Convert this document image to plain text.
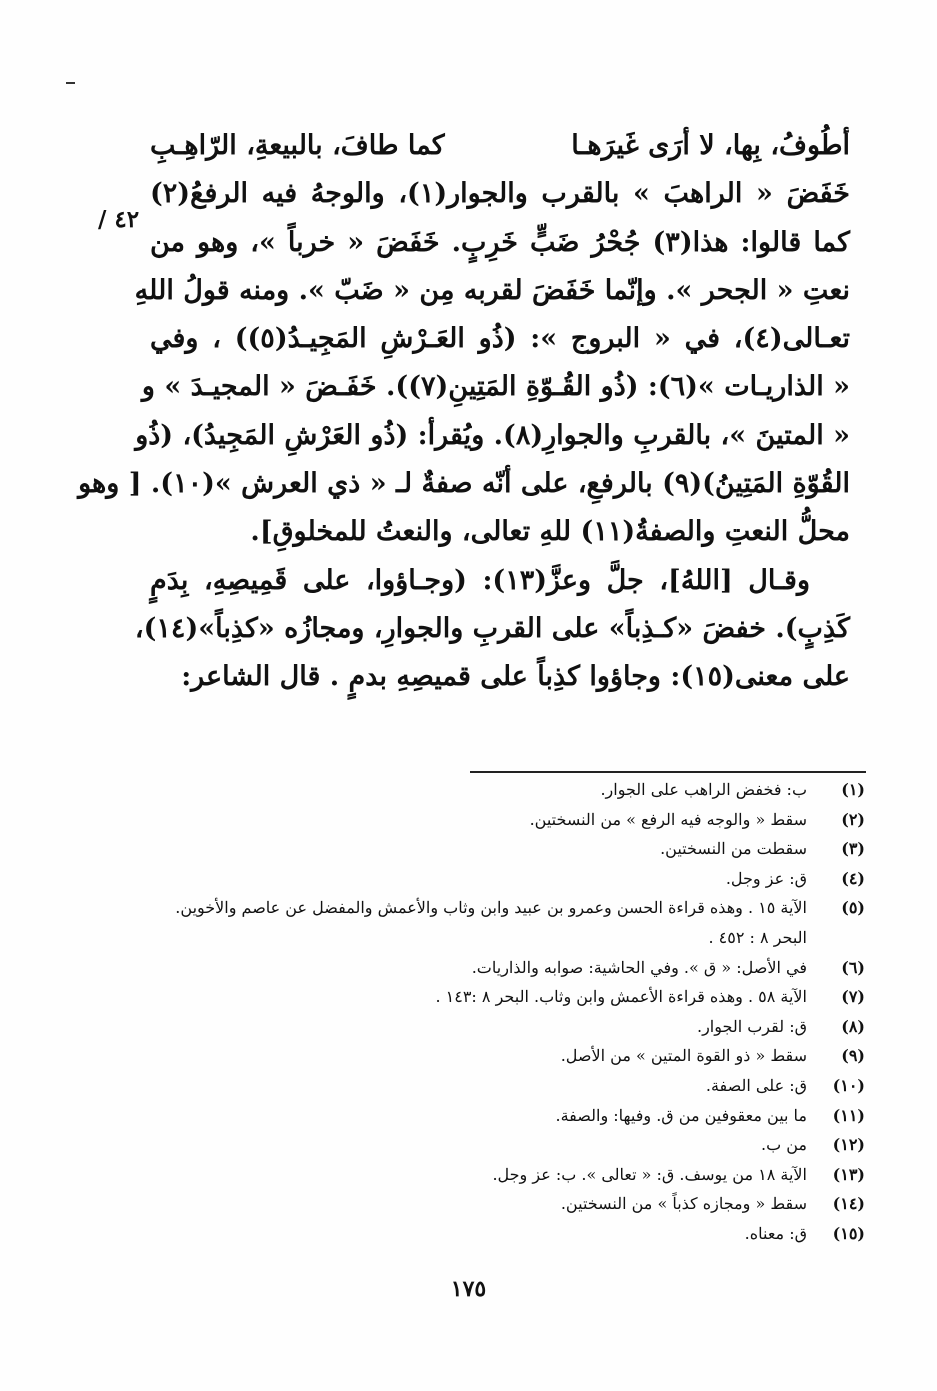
٤٢ /
أطُوفُ، بِها، لا أرَى غَيرَهـا
كما طافَ، بالبيعةِ، الرّاهِـبِ
خَفَضَ « الراهبَ » بالقرب والجوار(١)، والوجهُ فيه الرفعُ(٢)
كما قالوا: هذا(٣) جُحْرُ ضَبٍّ خَرِبٍ. خَفَضَ « خرباً »، وهو من
نعتِ « الجحر ». وإنّما خَفَضَ لقربه مِن « ضَبّ ». ومنه قولُ اللهِ
تعـالى(٤)، في « البروج »: (ذُو العَـرْشِ المَجِيـدُ(٥)) ، وفي
« الذاريـات »(٦): (ذُو القُـوّةِ المَتِينِ(٧)). خَفَـضَ « المجيـدَ » و
« المتينَ »، بالقربِ والجوارِ(٨). ويُقرأ: (ذُو العَرْشِ المَجِيدُ)، (ذُو
القُوّةِ المَتِينُ)(٩) بالرفعِ، على أنّه صفةٌ لـ « ذي العرش »(١٠). [ وهو
محلُّ النعتِ والصفةُ(١١) للهِ تعالى، والنعتُ للمخلوقِ].
وقـال [اللهُ]، جلَّ وعزَّ(١٣): (وجـاؤوا، على قَمِيصِهِ، بِدَمٍ
كَذِبٍ). خفضَ «كـذِباً» على القربِ والجوارِ، ومجازُه «كذِباً»(١٤)،
على معنى(١٥): وجاؤوا كذِباً على قميصِهِ بدمٍ . قال الشاعر:
(١)
ب: فخفض الراهب على الجوار.
(٢)
سقط « والوجه فيه الرفع » من النسختين.
(٣)
سقطت من النسختين.
(٤)
ق: عز وجل.
(٥)
الآية ١٥ . وهذه قراءة الحسن وعمرو بن عبيد وابن وثاب والأعمش والمفضل عن عاصم والأخوين. البحر ٨ : ٤٥٢ .
(٦)
في الأصل: « ق ». وفي الحاشية: صوابه والذاريات.
(٧)
الآية ٥٨ . وهذه قراءة الأعمش وابن وثاب. البحر ٨ :١٤٣ .
(٨)
ق: لقرب الجوار.
(٩)
سقط « ذو القوة المتين » من الأصل.
(١٠)
ق: على الصفة.
(١١)
ما بين معقوفين من ق. وفيها: والصفة.
(١٢)
من ب.
(١٣)
الآية ١٨ من يوسف. ق: « تعالى ». ب: عز وجل.
(١٤)
سقط « ومجازه كذباً » من النسختين.
(١٥)
ق: معناه.
١٧٥
